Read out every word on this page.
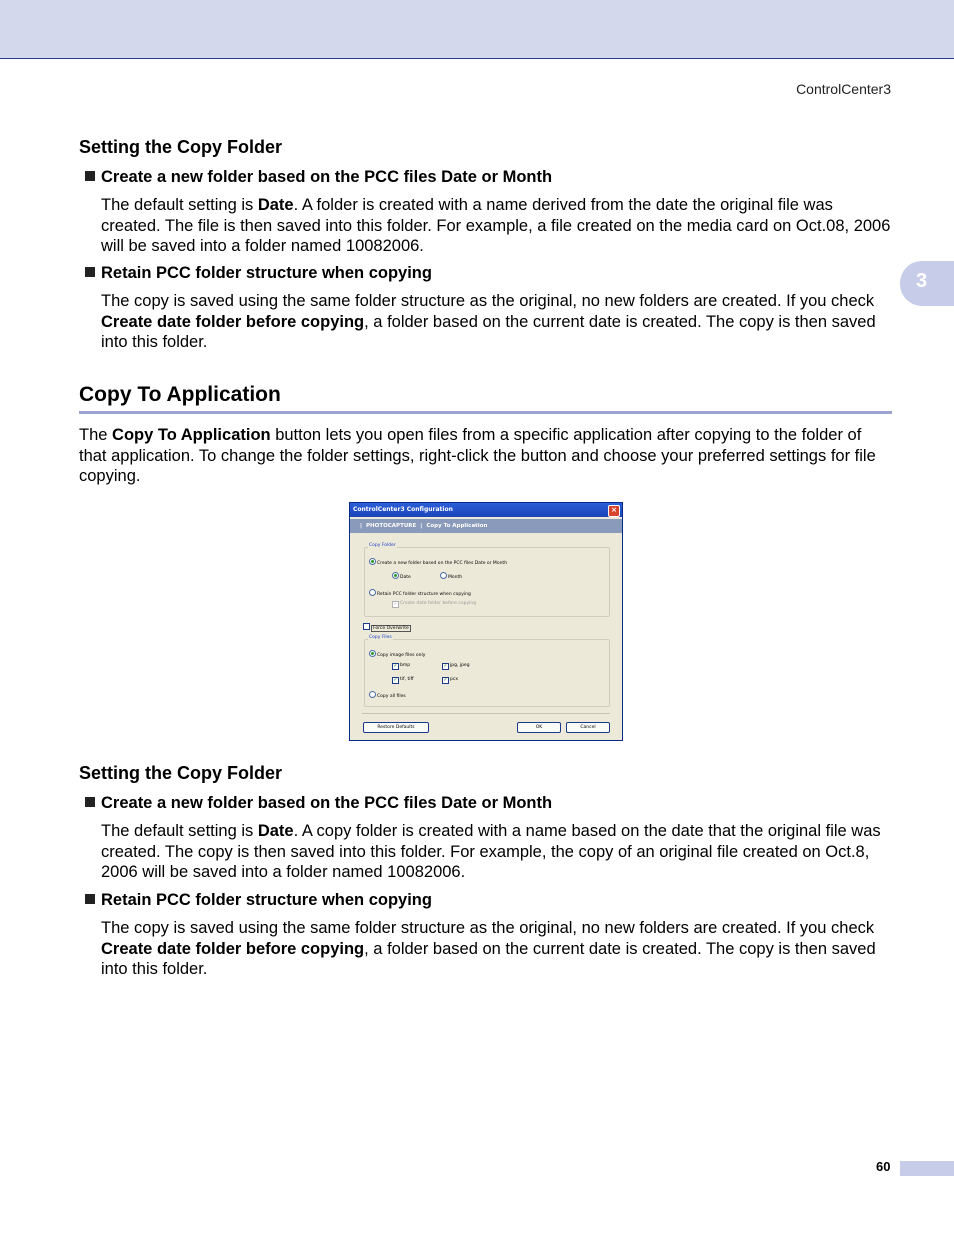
ControlCenter3
3
Setting the Copy Folder
Create a new folder based on the PCC files Date or Month
The default setting is Date. A folder is created with a name derived from the date the original file was created. The file is then saved into this folder. For example, a file created on the media card on Oct.08, 2006 will be saved into a folder named 10082006.
Retain PCC folder structure when copying
The copy is saved using the same folder structure as the original, no new folders are created. If you check Create date folder before copying, a folder based on the current date is created. The copy is then saved into this folder.
Copy To Application
The Copy To Application button lets you open files from a specific application after copying to the folder of that application. To change the folder settings, right-click the button and choose your preferred settings for file copying.
Setting the Copy Folder
Create a new folder based on the PCC files Date or Month
The default setting is Date. A copy folder is created with a name based on the date that the original file was created. The copy is then saved into this folder. For example, the copy of an original file created on Oct.8, 2006 will be saved into a folder named 10082006.
Retain PCC folder structure when copying
The copy is saved using the same folder structure as the original, no new folders are created. If you check Create date folder before copying, a folder based on the current date is created. The copy is then saved into this folder.
ControlCenter3 Configuration	×
| PHOTOCAPTURE | Copy To Application
Copy Folder
Create a new folder based on the PCC files Date or Month
Date	Month
Retain PCC folder structure when copying
✓ Create date folder before copying
Force Overwrite
Copy Files
Copy image files only
✓ bmp	✓ jpg, jpeg
✓ tif, tiff	✓ pcx
Copy all files
Restore Defaults	OK	Cancel
60
